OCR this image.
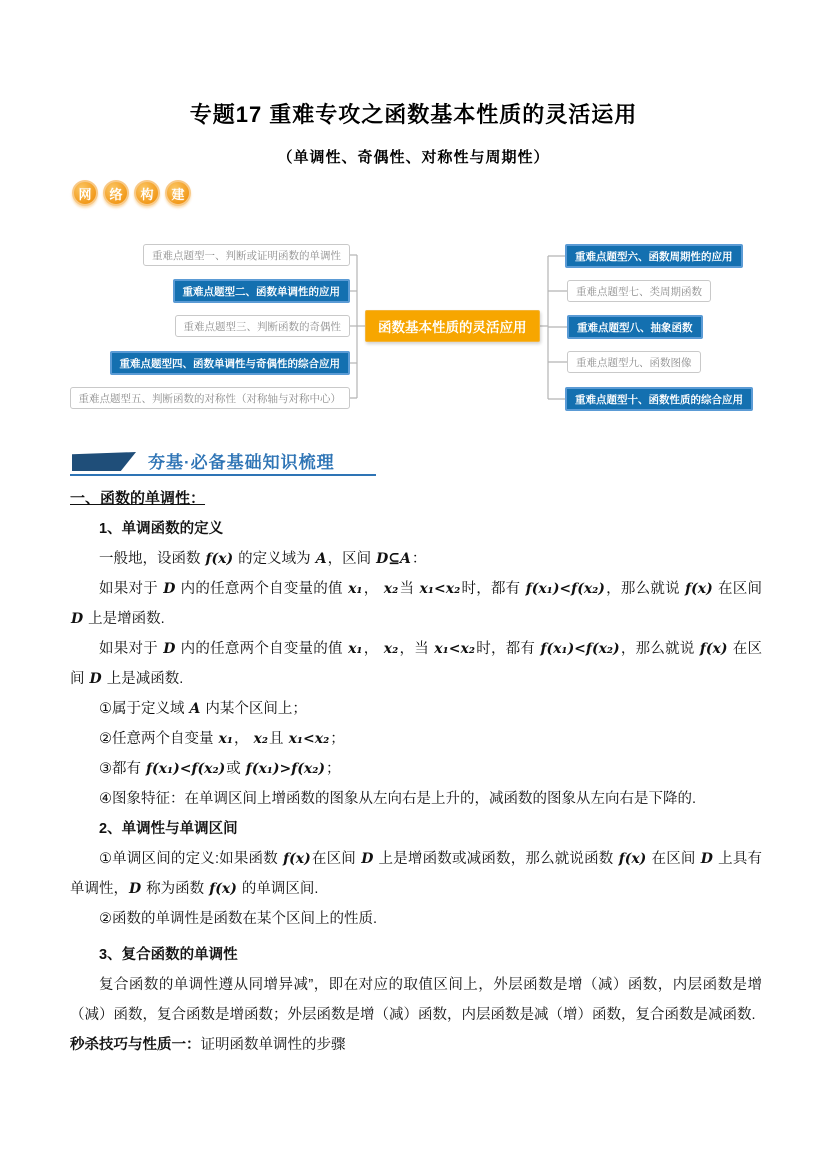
专题17 重难专攻之函数基本性质的灵活运用
（单调性、奇偶性、对称性与周期性）
网	络	构	建
重难点题型一、判断或证明函数的单调性
重难点题型二、函数单调性的应用
重难点题型三、判断函数的奇偶性
重难点题型四、函数单调性与奇偶性的综合应用
重难点题型五、判断函数的对称性（对称轴与对称中心）
函数基本性质的灵活应用
重难点题型六、函数周期性的应用
重难点题型七、类周期函数
重难点题型八、抽象函数
重难点题型九、函数图像
重难点题型十、函数性质的综合应用
夯基·必备基础知识梳理
一、函数的单调性：
1、单调函数的定义
一般地，设函数 f(x) 的定义域为 A，区间 D⊆A：
如果对于 D 内的任意两个自变量的值 x₁， x₂当 x₁<x₂时，都有 f(x₁)<f(x₂)，那么就说 f(x) 在区间 D 上是增函数.
如果对于 D 内的任意两个自变量的值 x₁， x₂，当 x₁<x₂时，都有 f(x₁)<f(x₂)，那么就说 f(x) 在区间 D 上是减函数.
①属于定义域 A 内某个区间上；
②任意两个自变量 x₁， x₂且 x₁<x₂；
③都有 f(x₁)<f(x₂)或 f(x₁)>f(x₂)；
④图象特征：在单调区间上增函数的图象从左向右是上升的，减函数的图象从左向右是下降的.
2、单调性与单调区间
①单调区间的定义:如果函数 f(x)在区间 D 上是增函数或减函数，那么就说函数 f(x) 在区间 D 上具有单调性，D 称为函数 f(x) 的单调区间.
②函数的单调性是函数在某个区间上的性质.
3、复合函数的单调性
复合函数的单调性遵从同增异减”，即在对应的取值区间上，外层函数是增（减）函数，内层函数是增（减）函数，复合函数是增函数；外层函数是增（减）函数，内层函数是减（增）函数，复合函数是减函数.
秒杀技巧与性质一：证明函数单调性的步骤
